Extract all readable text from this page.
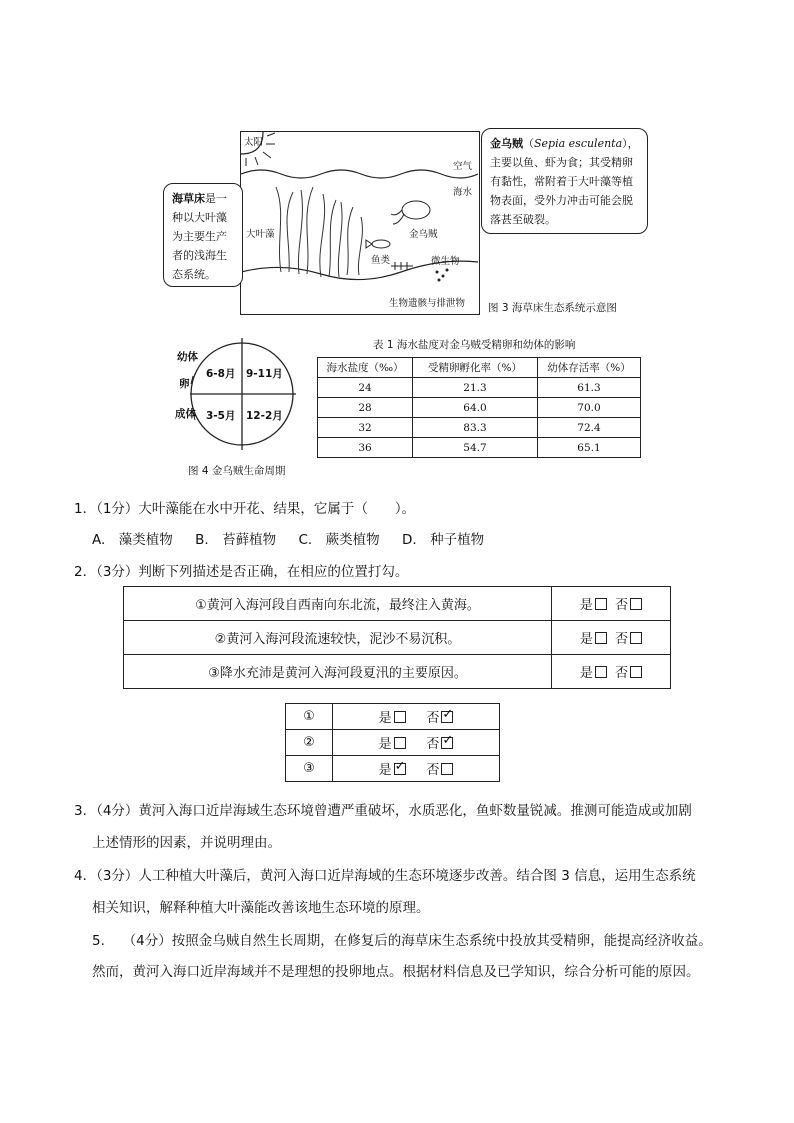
太阳
空气
海水
大叶藻	金乌贼
鱼类	微生物
生物遗骸与排泄物 图 3 海草床生态系统示意图
海草床是一种以大叶藻为主要生产者的浅海生态系统。
金乌贼（Sepia esculenta），主要以鱼、虾为食；其受精卵有黏性，常附着于大叶藻等植物表面，受外力冲击可能会脱落甚至破裂。
幼体
卵
成体
6-8月 9-11月
3-5月 12-2月
图 4 金乌贼生命周期
表 1 海水盐度对金乌贼受精卵和幼体的影响
海水盐度（‰）	受精卵孵化率（%）	幼体存活率（%）
24	21.3	61.3
28	64.0	70.0
32	83.3	72.4
36	54.7	65.1
1．（1分）大叶藻能在水中开花、结果，它属于（　　）。
A.　藻类植物 B.　苔藓植物 C.　蕨类植物 D.　种子植物
2．（3分）判断下列描述是否正确，在相应的位置打勾。
①黄河入海河段自西南向东北流，最终注入黄海。	是 否
②黄河入海河段流速较快，泥沙不易沉积。	是 否
③降水充沛是黄河入海河段夏汛的主要原因。	是 否
①	是 否✓
②	是 否✓
③	是 ✓ 否
3．（4分）黄河入海口近岸海域生态环境曾遭严重破坏，水质恶化，鱼虾数量锐减。推测可能造成或加剧
上述情形的因素，并说明理由。
4．（3分）人工种植大叶藻后，黄河入海口近岸海域的生态环境逐步改善。结合图 3 信息，运用生态系统
相关知识，解释种植大叶藻能改善该地生态环境的原理。
5.　 （4分）按照金乌贼自然生长周期，在修复后的海草床生态系统中投放其受精卵，能提高经济收益。
然而，黄河入海口近岸海域并不是理想的投卵地点。根据材料信息及已学知识，综合分析可能的原因。
